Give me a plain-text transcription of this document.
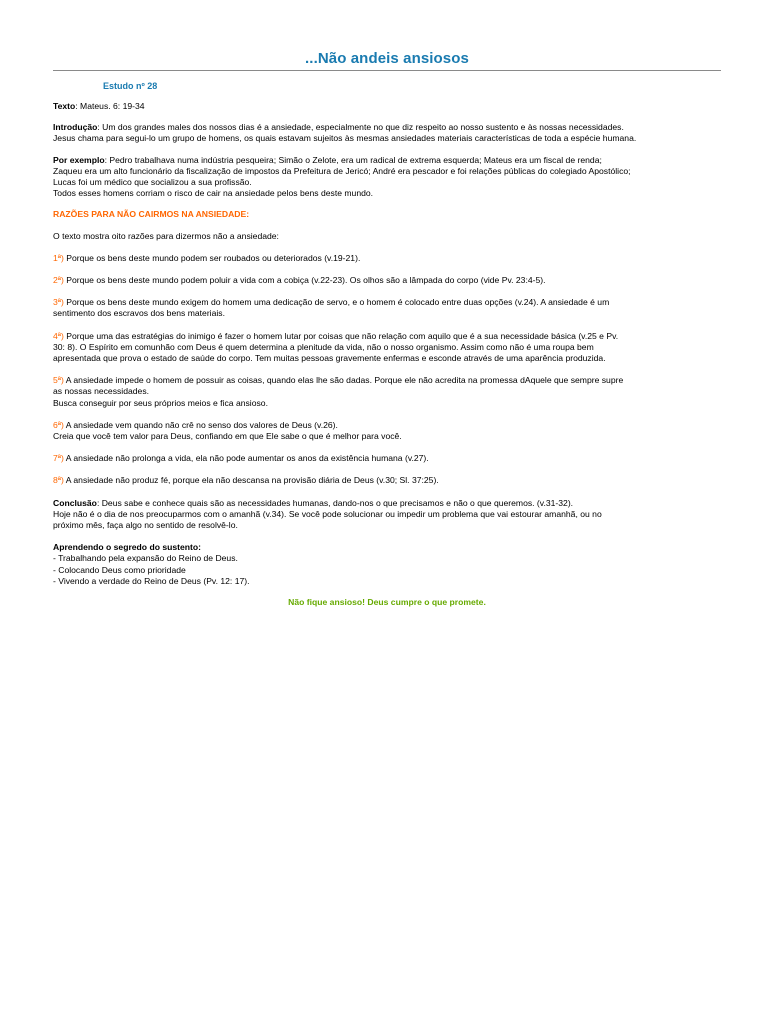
...Não andeis ansiosos
Estudo nº 28

Texto: Mateus. 6: 19-34

Introdução: Um dos grandes males dos nossos dias é a ansiedade, especialmente no que diz respeito ao nosso sustento e às nossas necessidades.

Jesus chama para segui-lo um grupo de homens, os quais estavam sujeitos às mesmas ansiedades materiais características de toda a espécie humana.

Por exemplo: Pedro trabalhava numa indústria pesqueira; Simão o Zelote, era um radical de extrema esquerda; Mateus era um fiscal de renda;

Zaqueu era um alto funcionário da fiscalização de impostos da Prefeitura de Jericó; André era pescador e foi relações públicas do colegiado Apostólico;

Lucas foi um médico que socializou a sua profissão.

Todos esses homens corriam o risco de cair na ansiedade pelos bens deste mundo.

RAZÕES PARA NÃO CAIRMOS NA ANSIEDADE:

O texto mostra oito razões para dizermos não a ansiedade:

1ª) Porque os bens deste mundo podem ser roubados ou deteriorados (v.19-21).

2ª) Porque os bens deste mundo podem poluir a vida com a cobiça (v.22-23). Os olhos são a lâmpada do corpo (vide Pv. 23:4-5).

3ª) Porque os bens deste mundo exigem do homem uma dedicação de servo, e o homem é colocado entre duas opções (v.24). A ansiedade é um

sentimento dos escravos dos bens materiais.

4ª) Porque uma das estratégias do inimigo é fazer o homem lutar por coisas que não relação com aquilo que é a sua necessidade básica (v.25 e Pv.

30: 8). O Espírito em comunhão com Deus é quem determina a plenitude da vida, não o nosso organismo. Assim como não é uma roupa bem

apresentada que prova o estado de saúde do corpo. Tem muitas pessoas gravemente enfermas e esconde através de uma aparência produzida.

5ª) A ansiedade impede o homem de possuir as coisas, quando elas lhe são dadas. Porque ele não acredita na promessa dAquele que sempre supre

as nossas necessidades.

Busca conseguir por seus próprios meios e fica ansioso.

6ª) A ansiedade vem quando não crê no senso dos valores de Deus (v.26).

Creia que você tem valor para Deus, confiando em que Ele sabe o que é melhor para você.

7ª) A ansiedade não prolonga a vida, ela não pode aumentar os anos da existência humana (v.27).

8ª) A ansiedade não produz fé, porque ela não descansa na provisão diária de Deus (v.30; Sl. 37:25).

Conclusão: Deus sabe e conhece quais são as necessidades humanas, dando-nos o que precisamos e não o que queremos. (v.31-32).

Hoje não é o dia de nos preocuparmos com o amanhã (v.34). Se você pode solucionar ou impedir um problema que vai estourar amanhã, ou no

próximo mês, faça algo no sentido de resolvê-lo.

Aprendendo o segredo do sustento:

- Trabalhando pela expansão do Reino de Deus.

- Colocando Deus como prioridade

- Vivendo a verdade do Reino de Deus (Pv. 12: 17).

Não fique ansioso! Deus cumpre o que promete.
